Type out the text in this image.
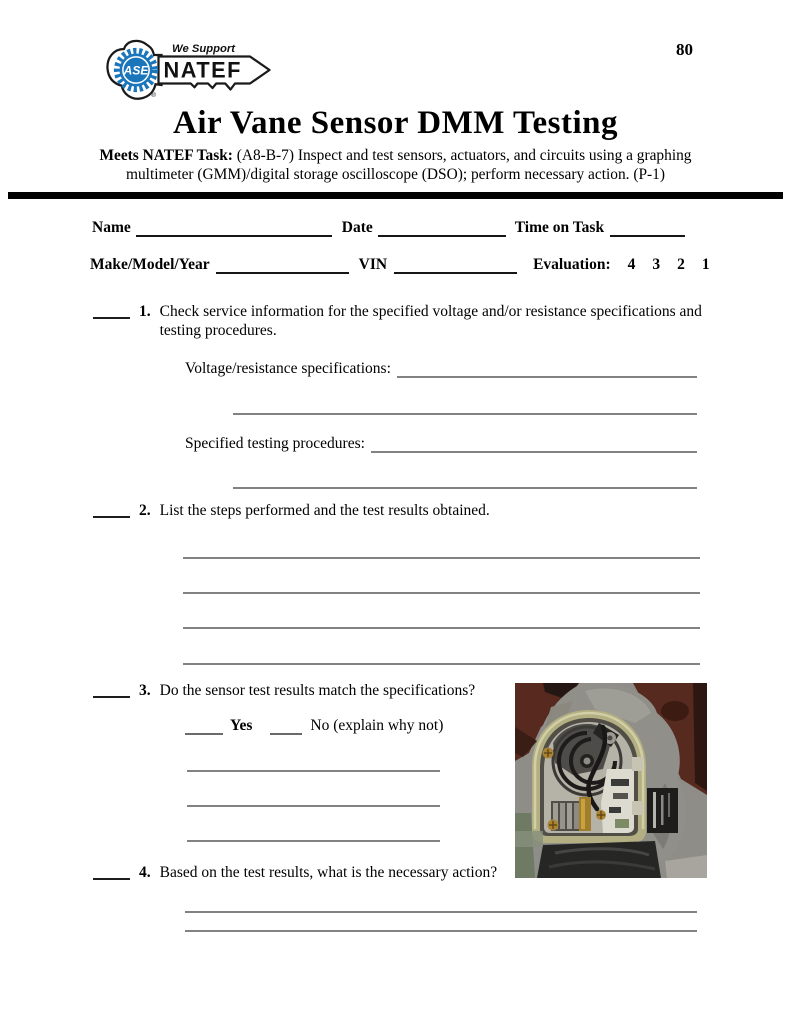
ASE
We Support
NATEF
®
80
Air Vane Sensor DMM Testing
Meets NATEF Task: (A8-B-7) Inspect and test sensors, actuators, and circuits using a graphing
multimeter (GMM)/digital storage oscilloscope (DSO); perform necessary action. (P-1)
Name	Date	Time on Task
Make/Model/Year	VIN	Evaluation: 4 3 2 1
1. Check service information for the specified voltage and/or resistance specifications and testing procedures.
Voltage/resistance specifications:
Specified testing procedures:
2. List the steps performed and the test results obtained.
3. Do the sensor test results match the specifications?
Yes	No (explain why not)
4. Based on the test results, what is the necessary action?
